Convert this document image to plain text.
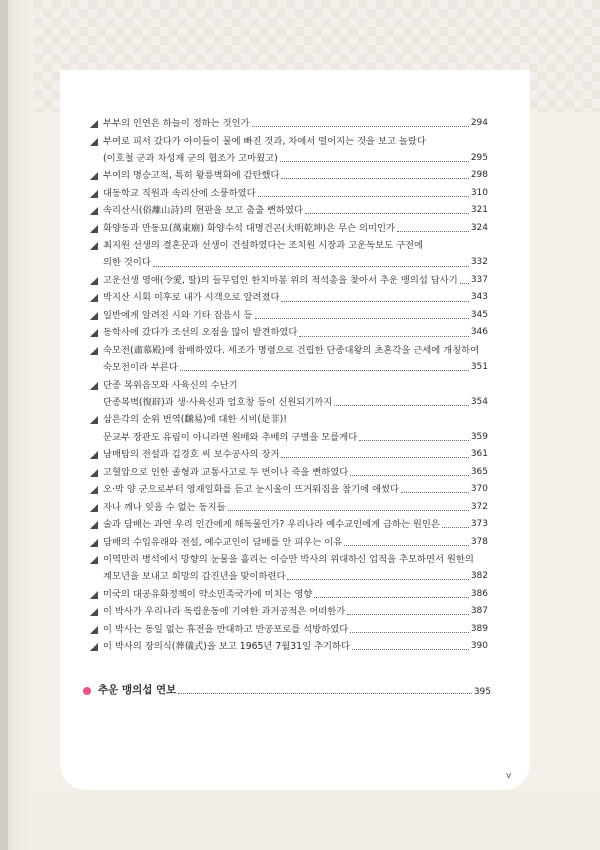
부부의 인연은 하늘이 정하는 것인가	294
부여로 피서 갔다가 아이들이 물에 빠진 것과, 차에서 떨어지는 것을 보고 놀랐다
(이호철 군과 차성재 군의 협조가 고마웠고)	295
부여의 명승고적, 특히 왕릉벽화에 감탄했다	298
대동학교 직원과 속리산에 소풍하였다	310
속리산시(俗離山詩)의 현판을 보고 춤출 뻔하였다	321
화양동과 만동묘(萬東廟) 화양수석 대명건곤(大明乾坤)은 무슨 의미인가	324
최지원 선생의 결혼문과 선생이 건설하였다는 조치원 시장과 고운독보도 구전에
의한 것이다	332
고운선생 영애(令愛, 딸)의 들무덤인 한치마봉 위의 적석총을 찾아서 추운 맹의섭 답사기 337
박지산 시회 이후로 내가 시객으로 알려졌다	343
일반에게 알려진 시와 기타 잡음시 등	345
동학사에 갔다가 조선의 오점을 많이 발견하였다	346
숙모전(肅慕殿)에 참배하였다. 세조가 명령으로 건립한 단종대왕의 초혼각을 근세에 개칭하여
숙모전이라 부른다	351
단종 복위음모와 사육신의 수난기
단종복벽(復辟)과 생·사육신과 엄호창 등이 신원되기까지	354
삼은각의 순위 번역(飜易)에 대한 시비(是非)!
문교부 장관도 유림이 아니라면 원배와 추배의 구별을 모를게다	359
남매탑의 전설과 김경호 씨 보수공사의 장거	361
고혈압으로 인한 졸형과 교통사고로 두 번이나 죽을 뻔하였다	365
오·박 양 군으로부터 영재일화를 듣고 눈시울이 뜨거워짐을 참기에 애썼다	370
자나 깨나 잊을 수 없는 동지들	372
술과 담배는 과연 우리 인간에게 해독물인가? 우리나라 예수교인에게 금하는 원인은	373
담배의 수입유래와 전설, 예수교인이 담배를 안 피우는 이유	378
이역만리 병석에서 망향의 눈물을 흘리는 이승만 박사의 위대하신 업적을 추모하면서 원한의
계모년을 보내고 희망의 갑진년을 맞이하련다	382
미국의 대공유화정책이 약소민족국가에 미치는 영향	386
이 박사가 우리나라 독립운동에 기여한 과거공적은 어떠한가	387
이 박사는 동일 없는 휴전을 반대하고 반공포로를 석방하였다	389
이 박사의 장의식(葬儀式)을 보고 1965년 7월31일 추기하다	390
추운 맹의섭 연보	395
v
